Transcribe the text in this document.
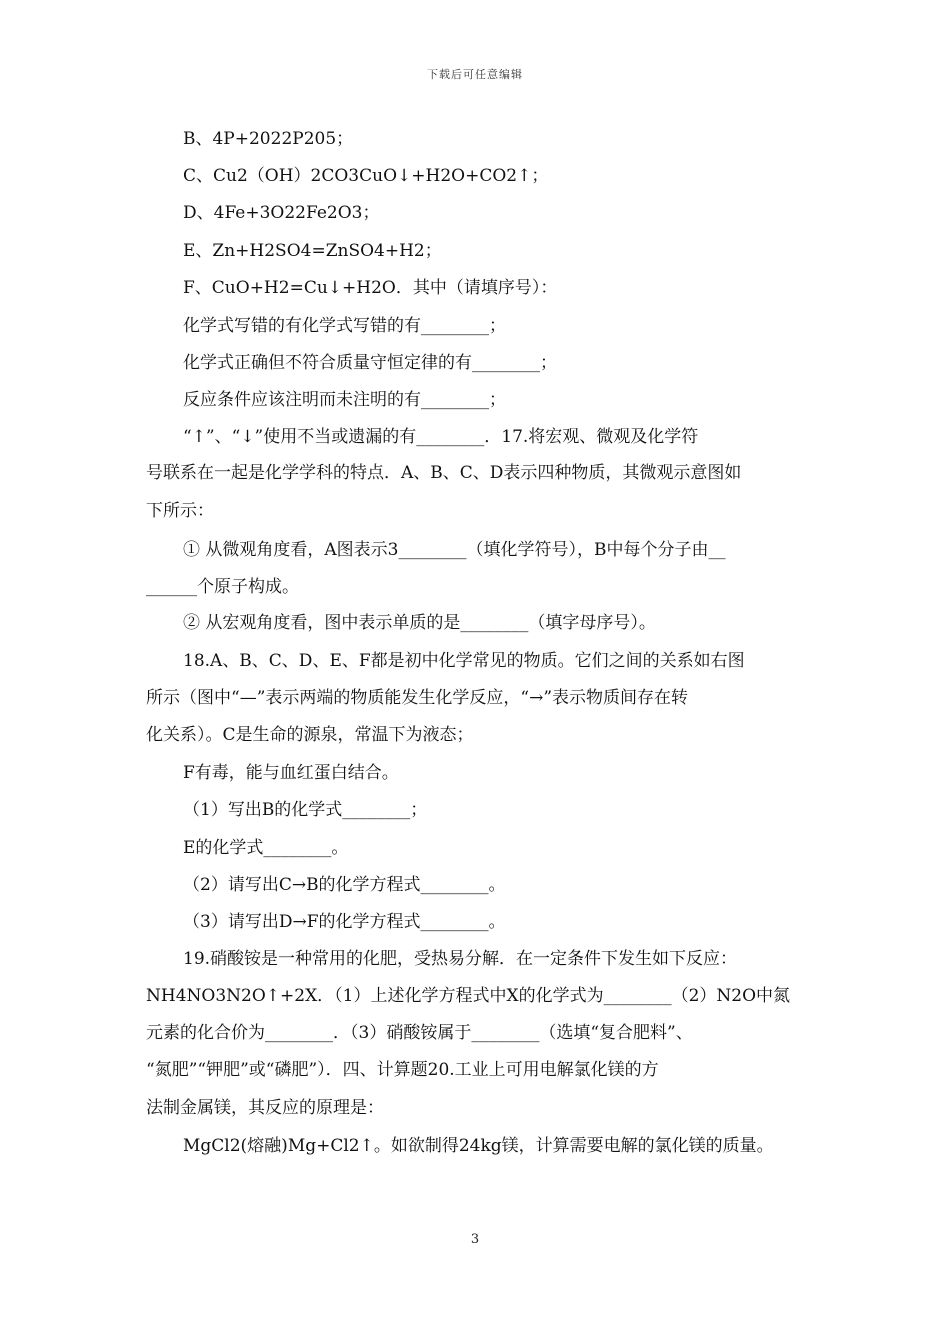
下载后可任意编辑
B、4P+2022P205；
C、Cu2（OH）2CO3CuO↓+H2O+CO2↑；
D、4Fe+3O22Fe2O3；
E、Zn+H2SO4=ZnSO4+H2；
F、CuO+H2=Cu↓+H2O．其中（请填序号）：
化学式写错的有化学式写错的有________；
化学式正确但不符合质量守恒定律的有________；
反应条件应该注明而未注明的有________；
“↑”、“↓”使用不当或遗漏的有________．17.将宏观、微观及化学符
号联系在一起是化学学科的特点．A、B、C、D表示四种物质，其微观示意图如
下所示：
① 从微观角度看，A图表示3________（填化学符号），B中每个分子由__
______个原子构成。
② 从宏观角度看，图中表示单质的是________（填字母序号）。
18.A、B、C、D、E、F都是初中化学常见的物质。它们之间的关系如右图
所示（图中“—”表示两端的物质能发生化学反应，“→”表示物质间存在转
化关系）。C是生命的源泉，常温下为液态；
F有毒，能与血红蛋白结合。
（1）写出B的化学式________；
E的化学式________。
（2）请写出C→B的化学方程式________。
（3）请写出D→F的化学方程式________。
19.硝酸铵是一种常用的化肥，受热易分解．在一定条件下发生如下反应：
NH4NO3N2O↑+2X．（1）上述化学方程式中X的化学式为________（2）N2O中氮
元素的化合价为________．（3）硝酸铵属于________（选填“复合肥料”、
“氮肥”“钾肥”或“磷肥”）．四、计算题20.工业上可用电解氯化镁的方
法制金属镁，其反应的原理是：
MgCl2(熔融)Mg+Cl2↑。如欲制得24kg镁，计算需要电解的氯化镁的质量。
3
